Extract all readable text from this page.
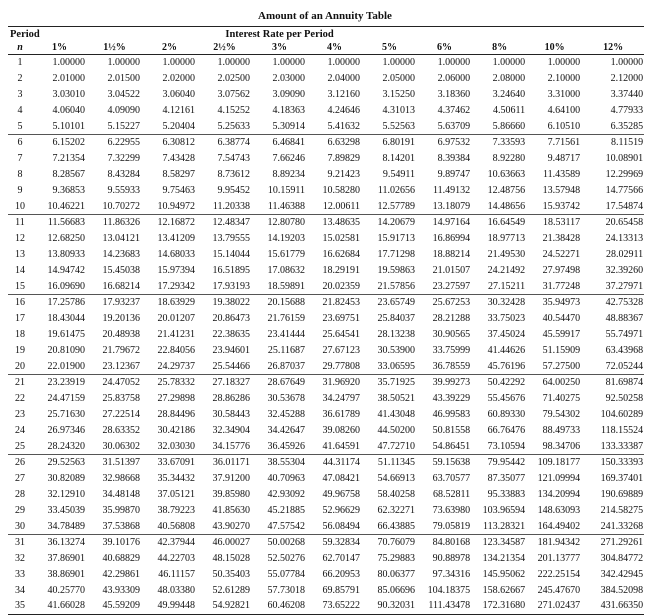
Amount of an Annuity Table
Period		Interest Rate per Period									
n	1%	1½%	2%	2½%	3%	4%	5%	6%	8%	10%	12%
1	1.00000	1.00000	1.00000	1.00000	1.00000	1.00000	1.00000	1.00000	1.00000	1.00000	1.00000
2	2.01000	2.01500	2.02000	2.02500	2.03000	2.04000	2.05000	2.06000	2.08000	2.10000	2.12000
3	3.03010	3.04522	3.06040	3.07562	3.09090	3.12160	3.15250	3.18360	3.24640	3.31000	3.37440
4	4.06040	4.09090	4.12161	4.15252	4.18363	4.24646	4.31013	4.37462	4.50611	4.64100	4.77933
5	5.10101	5.15227	5.20404	5.25633	5.30914	5.41632	5.52563	5.63709	5.86660	6.10510	6.35285
6	6.15202	6.22955	6.30812	6.38774	6.46841	6.63298	6.80191	6.97532	7.33593	7.71561	8.11519
7	7.21354	7.32299	7.43428	7.54743	7.66246	7.89829	8.14201	8.39384	8.92280	9.48717	10.08901
8	8.28567	8.43284	8.58297	8.73612	8.89234	9.21423	9.54911	9.89747	10.63663	11.43589	12.29969
9	9.36853	9.55933	9.75463	9.95452	10.15911	10.58280	11.02656	11.49132	12.48756	13.57948	14.77566
10	10.46221	10.70272	10.94972	11.20338	11.46388	12.00611	12.57789	13.18079	14.48656	15.93742	17.54874
11	11.56683	11.86326	12.16872	12.48347	12.80780	13.48635	14.20679	14.97164	16.64549	18.53117	20.65458
12	12.68250	13.04121	13.41209	13.79555	14.19203	15.02581	15.91713	16.86994	18.97713	21.38428	24.13313
13	13.80933	14.23683	14.68033	15.14044	15.61779	16.62684	17.71298	18.88214	21.49530	24.52271	28.02911
14	14.94742	15.45038	15.97394	16.51895	17.08632	18.29191	19.59863	21.01507	24.21492	27.97498	32.39260
15	16.09690	16.68214	17.29342	17.93193	18.59891	20.02359	21.57856	23.27597	27.15211	31.77248	37.27971
16	17.25786	17.93237	18.63929	19.38022	20.15688	21.82453	23.65749	25.67253	30.32428	35.94973	42.75328
17	18.43044	19.20136	20.01207	20.86473	21.76159	23.69751	25.84037	28.21288	33.75023	40.54470	48.88367
18	19.61475	20.48938	21.41231	22.38635	23.41444	25.64541	28.13238	30.90565	37.45024	45.59917	55.74971
19	20.81090	21.79672	22.84056	23.94601	25.11687	27.67123	30.53900	33.75999	41.44626	51.15909	63.43968
20	22.01900	23.12367	24.29737	25.54466	26.87037	29.77808	33.06595	36.78559	45.76196	57.27500	72.05244
21	23.23919	24.47052	25.78332	27.18327	28.67649	31.96920	35.71925	39.99273	50.42292	64.00250	81.69874
22	24.47159	25.83758	27.29898	28.86286	30.53678	34.24797	38.50521	43.39229	55.45676	71.40275	92.50258
23	25.71630	27.22514	28.84496	30.58443	32.45288	36.61789	41.43048	46.99583	60.89330	79.54302	104.60289
24	26.97346	28.63352	30.42186	32.34904	34.42647	39.08260	44.50200	50.81558	66.76476	88.49733	118.15524
25	28.24320	30.06302	32.03030	34.15776	36.45926	41.64591	47.72710	54.86451	73.10594	98.34706	133.33387
26	29.52563	31.51397	33.67091	36.01171	38.55304	44.31174	51.11345	59.15638	79.95442	109.18177	150.33393
27	30.82089	32.98668	35.34432	37.91200	40.70963	47.08421	54.66913	63.70577	87.35077	121.09994	169.37401
28	32.12910	34.48148	37.05121	39.85980	42.93092	49.96758	58.40258	68.52811	95.33883	134.20994	190.69889
29	33.45039	35.99870	38.79223	41.85630	45.21885	52.96629	62.32271	73.63980	103.96594	148.63093	214.58275
30	34.78489	37.53868	40.56808	43.90270	47.57542	56.08494	66.43885	79.05819	113.28321	164.49402	241.33268
31	36.13274	39.10176	42.37944	46.00027	50.00268	59.32834	70.76079	84.80168	123.34587	181.94342	271.29261
32	37.86901	40.68829	44.22703	48.15028	52.50276	62.70147	75.29883	90.88978	134.21354	201.13777	304.84772
33	38.86901	42.29861	46.11157	50.35403	55.07784	66.20953	80.06377	97.34316	145.95062	222.25154	342.42945
34	40.25770	43.93309	48.03380	52.61289	57.73018	69.85791	85.06696	104.18375	158.62667	245.47670	384.52098
35	41.66028	45.59209	49.99448	54.92821	60.46208	73.65222	90.32031	111.43478	172.31680	271.02437	431.66350
